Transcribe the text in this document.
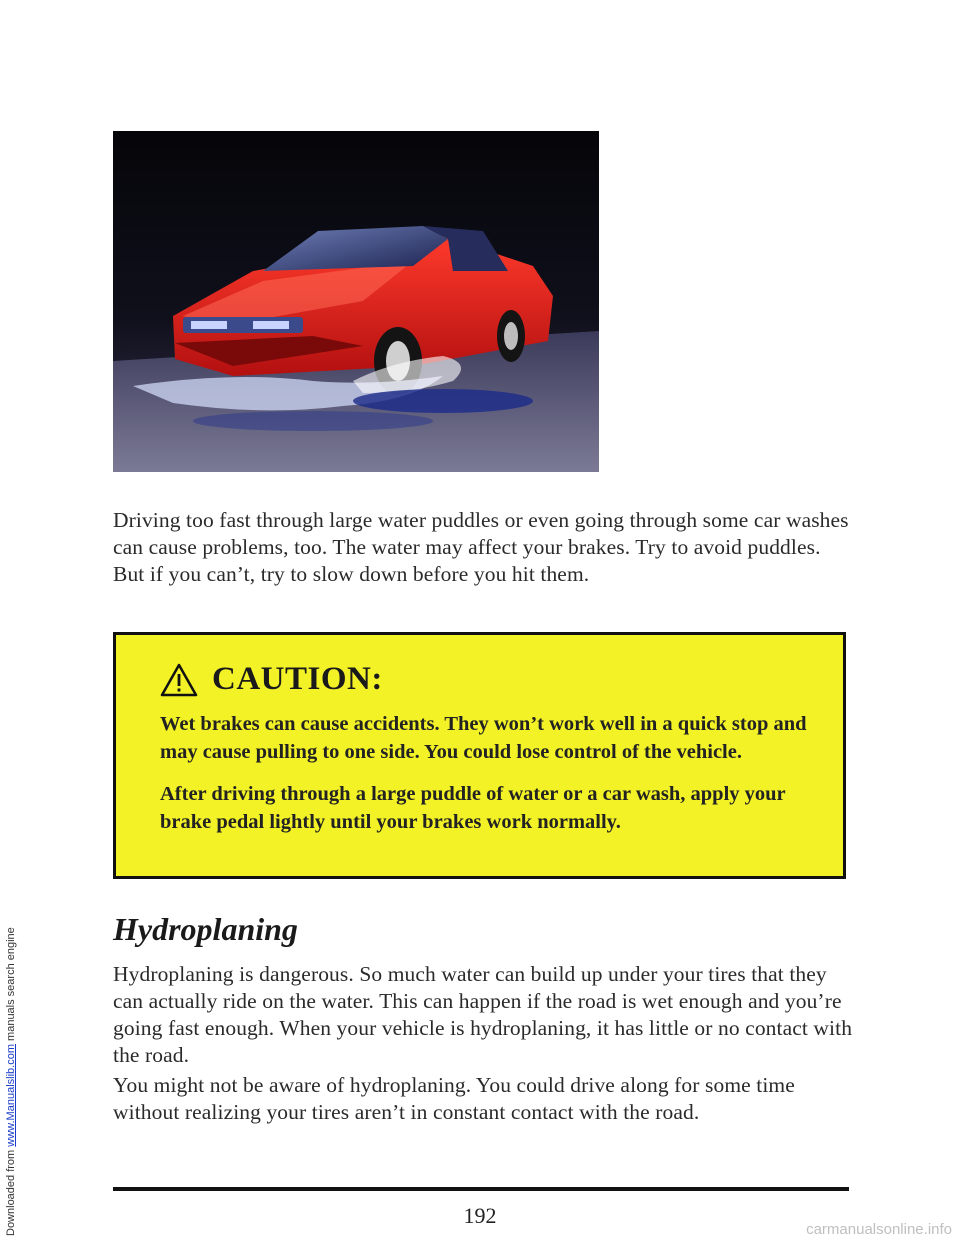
Downloaded from www.Manualslib.com manuals search engine

Driving too fast through large water puddles or even going through some car washes can cause problems, too. The water may affect your brakes. Try to avoid puddles. But if you can’t, try to slow down before you hit them.

CAUTION:

Wet brakes can cause accidents. They won’t work well in a quick stop and may cause pulling to one side. You could lose control of the vehicle.

After driving through a large puddle of water or a car wash, apply your brake pedal lightly until your brakes work normally.

Hydroplaning

Hydroplaning is dangerous. So much water can build up under your tires that they can actually ride on the water. This can happen if the road is wet enough and you’re going fast enough. When your vehicle is hydroplaning, it has little or no contact with the road.

You might not be aware of hydroplaning. You could drive along for some time without realizing your tires aren’t in constant contact with the road.

192
carmanualsonline.info
